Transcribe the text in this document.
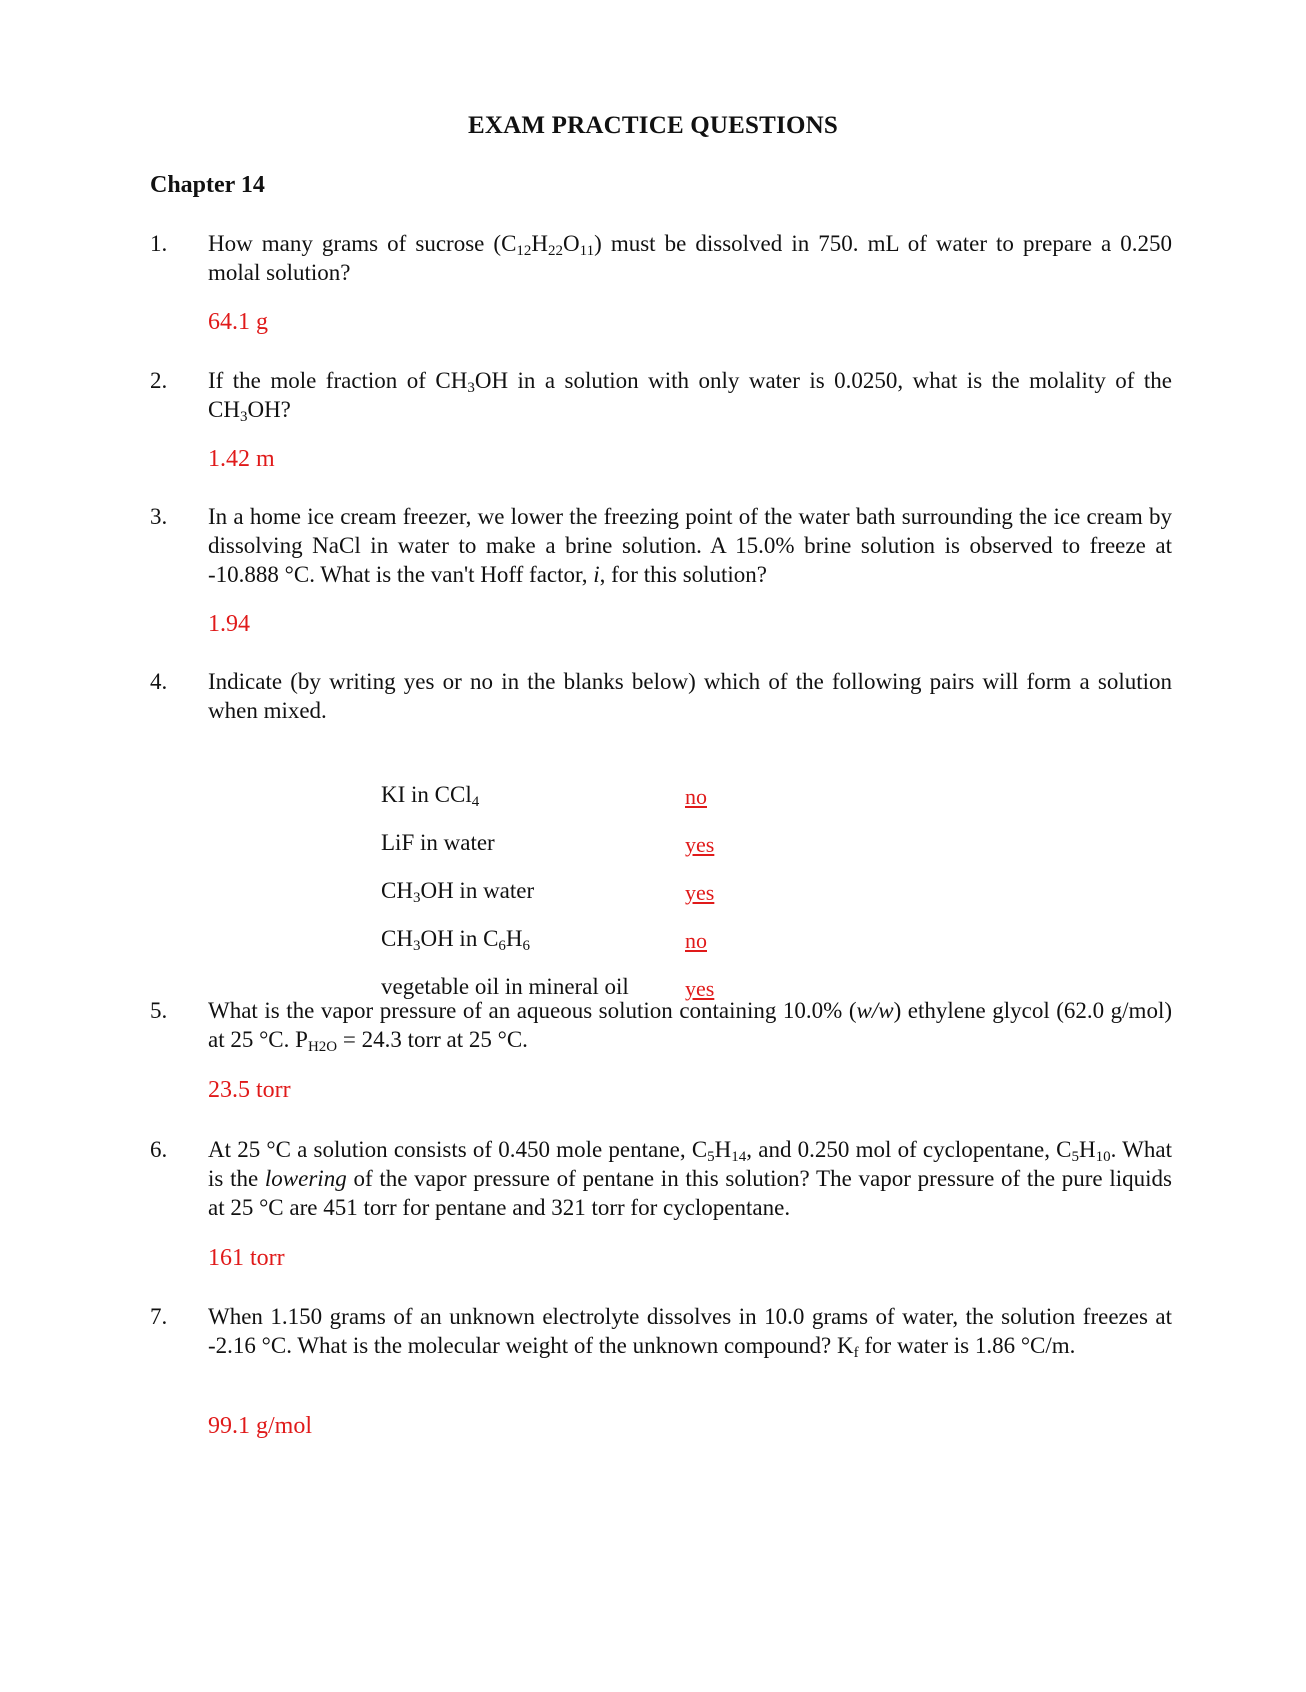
EXAM PRACTICE QUESTIONS
Chapter 14
1. How many grams of sucrose $(C_{12}H_{22}O_{11})$ must be dissolved in 750. mL of water to prepare a 0.250 molal solution?
64.1 g
2. If the mole fraction of $CH_3OH$ in a solution with only water is 0.0250, what is the molality of the $CH_3OH$?
1.42 m
3. In a home ice cream freezer, we lower the freezing point of the water bath surrounding the ice cream by dissolving NaCl in water to make a brine solution. A 15.0% brine solution is observed to freeze at -10.888 °C. What is the van't Hoff factor, i, for this solution?
1.94
4. Indicate (by writing yes or no in the blanks below) which of the following pairs will form a solution when mixed.
KI in CCl$_4$	no
LiF in water	yes
$CH_3OH$ in water	yes
$CH_3OH$ in $C_6H_6$	no
vegetable oil in mineral oil	yes
5. What is the vapor pressure of an aqueous solution containing 10.0% (w/w) ethylene glycol (62.0 g/mol) at 25 °C. $P_{H2O} = 24.3$ torr at 25 °C.
23.5 torr
6. At 25 °C a solution consists of 0.450 mole pentane, $C_5H_{14}$, and 0.250 mol of cyclopentane, $C_5H_{10}$. What is the lowering of the vapor pressure of pentane in this solution? The vapor pressure of the pure liquids at 25 °C are 451 torr for pentane and 321 torr for cyclopentane.
161 torr
7. When 1.150 grams of an unknown electrolyte dissolves in 10.0 grams of water, the solution freezes at -2.16 °C. What is the molecular weight of the unknown compound? $K_f$ for water is 1.86 °C/m.
99.1 g/mol
